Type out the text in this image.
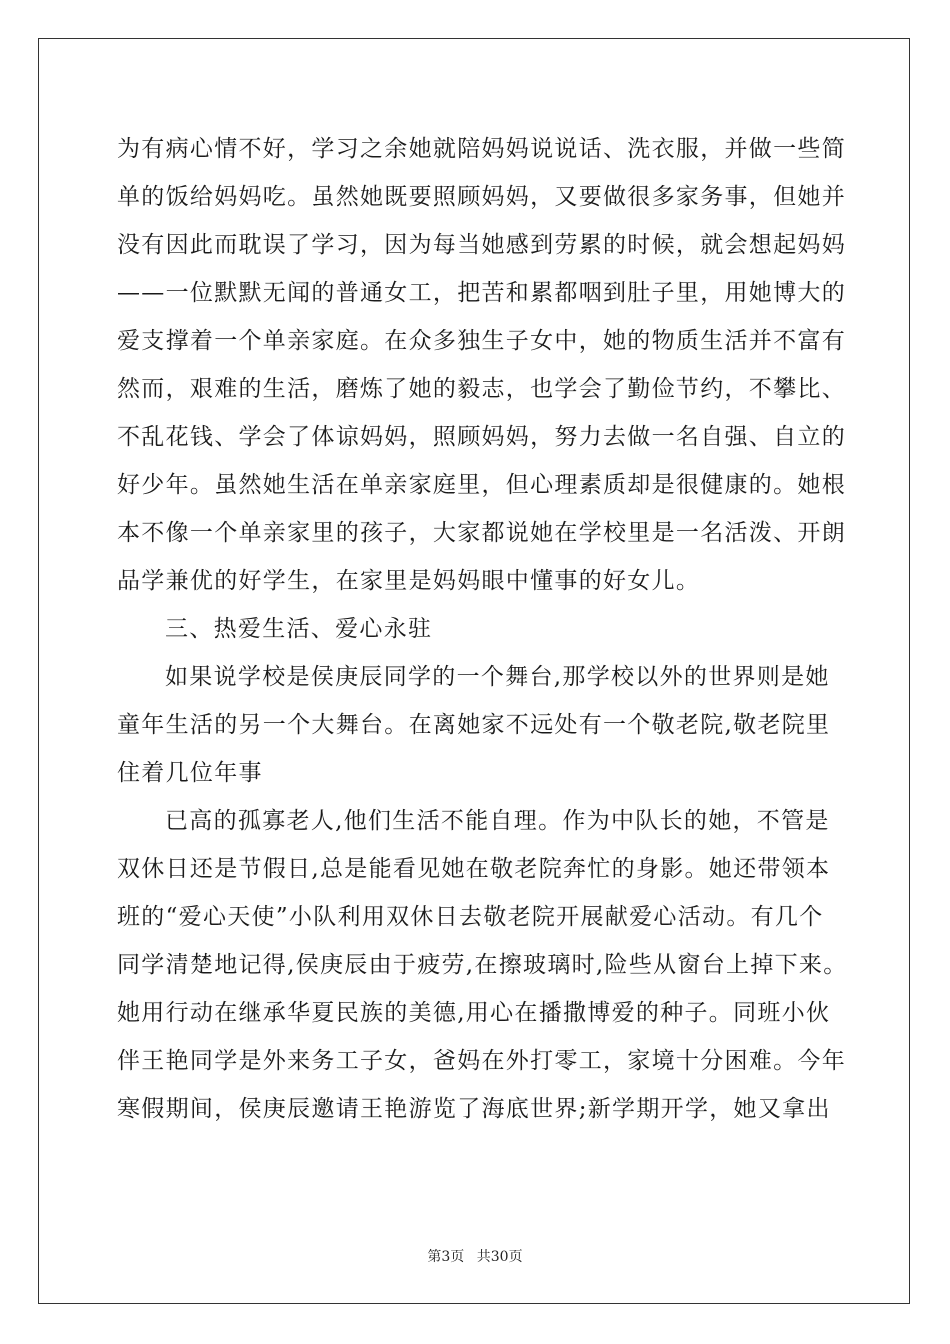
为有病心情不好，学习之余她就陪妈妈说说话、洗衣服，并做一些简
单的饭给妈妈吃。虽然她既要照顾妈妈，又要做很多家务事，但她并
没有因此而耽误了学习，因为每当她感到劳累的时候，就会想起妈妈
——一位默默无闻的普通女工，把苦和累都咽到肚子里，用她博大的
爱支撑着一个单亲家庭。在众多独生子女中，她的物质生活并不富有
然而，艰难的生活，磨炼了她的毅志，也学会了勤俭节约，不攀比、
不乱花钱、学会了体谅妈妈，照顾妈妈，努力去做一名自强、自立的
好少年。虽然她生活在单亲家庭里，但心理素质却是很健康的。她根
本不像一个单亲家里的孩子，大家都说她在学校里是一名活泼、开朗
品学兼优的好学生，在家里是妈妈眼中懂事的好女儿。
三、热爱生活、爱心永驻
如果说学校是侯庚辰同学的一个舞台,那学校以外的世界则是她
童年生活的另一个大舞台。在离她家不远处有一个敬老院,敬老院里
住着几位年事
已高的孤寡老人,他们生活不能自理。作为中队长的她，不管是
双休日还是节假日,总是能看见她在敬老院奔忙的身影。她还带领本
班的“爱心天使”小队利用双休日去敬老院开展献爱心活动。有几个
同学清楚地记得,侯庚辰由于疲劳,在擦玻璃时,险些从窗台上掉下来。
她用行动在继承华夏民族的美德,用心在播撒博爱的种子。同班小伙
伴王艳同学是外来务工子女，爸妈在外打零工，家境十分困难。今年
寒假期间，侯庚辰邀请王艳游览了海底世界;新学期开学，她又拿出
第3页 共30页
